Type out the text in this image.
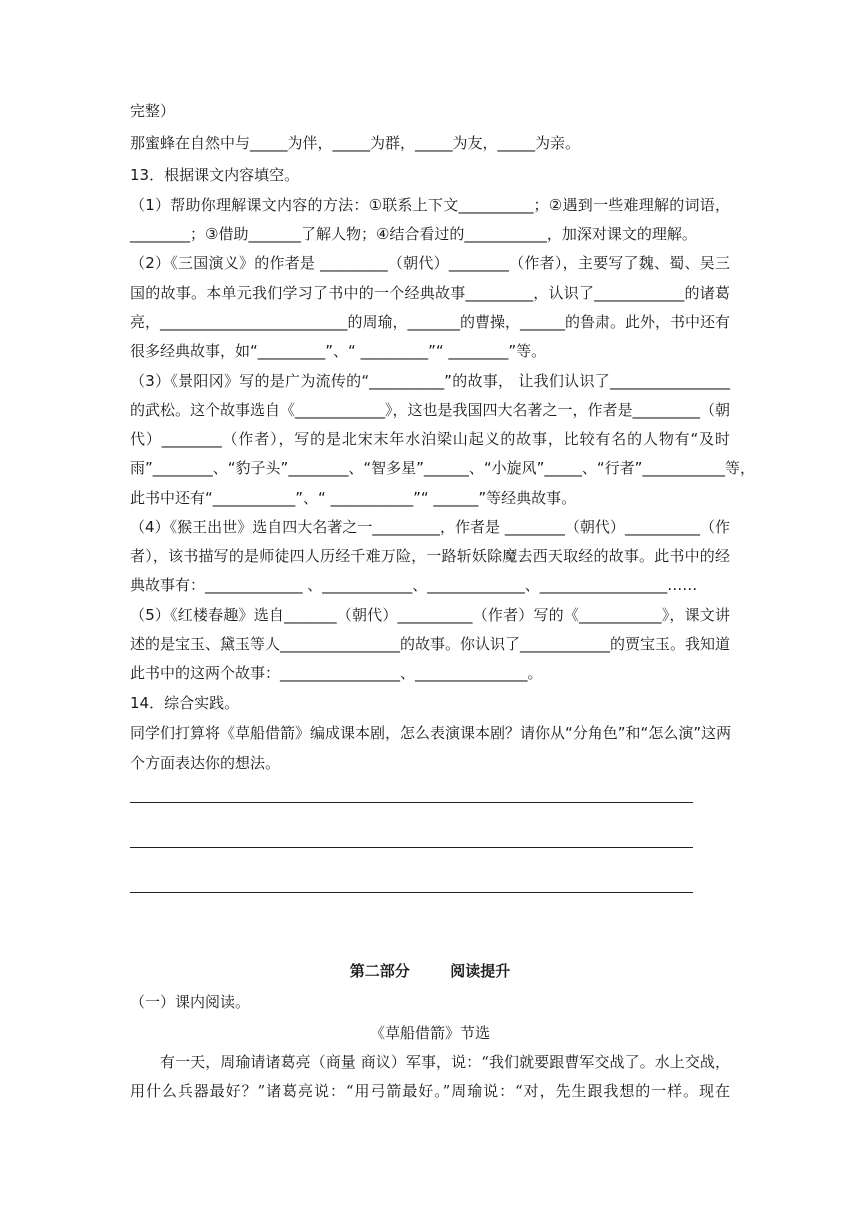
完整）
那蜜蜂在自然中与_____为伴，_____为群，_____为友，_____为亲。
13．根据课文内容填空。
（1）帮助你理解课文内容的方法：①联系上下文__________；②遇到一些难理解的词语，
________；③借助_______了解人物；④结合看过的___________，加深对课文的理解。
（2）《三国演义》的作者是 _________（朝代）________（作者），主要写了魏、蜀、吴三
国的故事。本单元我们学习了书中的一个经典故事_________，认识了____________的诸葛
亮，_________________________的周瑜，_______的曹操，______的鲁肃。此外，书中还有
很多经典故事，如“_________”、“ _________”“ ________”等。
（3）《景阳冈》写的是广为流传的“__________”的故事， 让我们认识了________________
的武松。这个故事选自《____________》，这也是我国四大名著之一，作者是_________（朝
代）________（作者），写的是北宋末年水泊梁山起义的故事，比较有名的人物有“及时
雨”________、“豹子头”________、“智多星”______、“小旋风”_____、“行者”___________等，
此书中还有“___________”、“ ___________”“ ______”等经典故事。
（4）《猴王出世》选自四大名著之一_________，作者是 ________（朝代）__________（作
者），该书描写的是师徒四人历经千难万险，一路斩妖除魔去西天取经的故事。此书中的经
典故事有：_____________ 、____________、_____________、_________________……
（5）《红楼春趣》选自_______（朝代）__________（作者）写的《___________》，课文讲
述的是宝玉、黛玉等人________________的故事。你认识了____________的贾宝玉。我知道
此书中的这两个故事：________________、_______________。
14．综合实践。
同学们打算将《草船借箭》编成课本剧，怎么表演课本剧？请你从“分角色”和“怎么演”这两
个方面表达你的想法。
第二部分	阅读提升
（一）课内阅读。
《草船借箭》节选
有一天，周瑜请诸葛亮（商量 商议）军事，说：“我们就要跟曹军交战了。水上交战，
用什么兵器最好？”诸葛亮说：“用弓箭最好。”周瑜说：“对，先生跟我想的一样。现在
